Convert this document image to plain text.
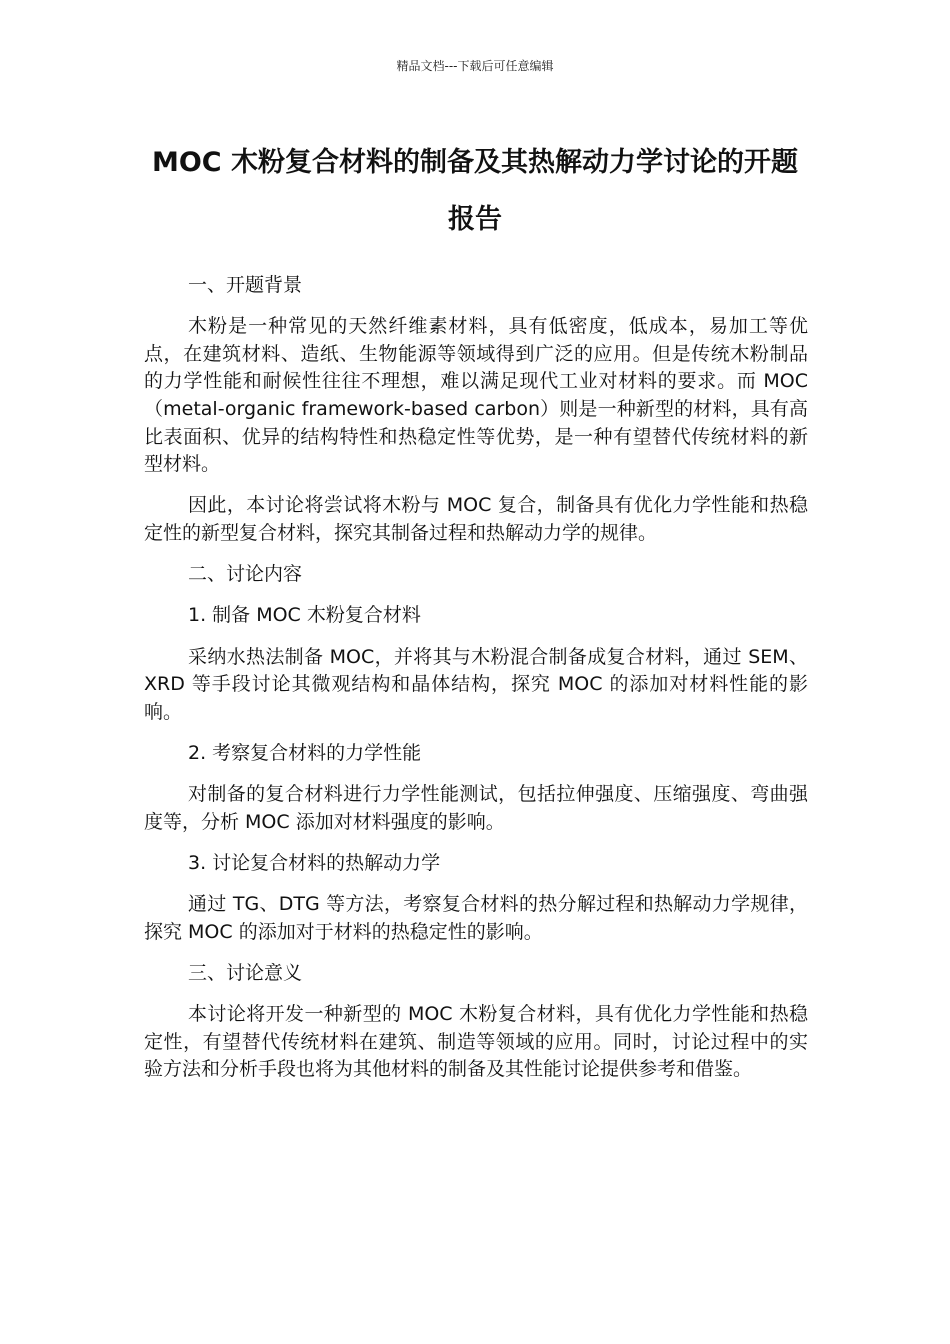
精品文档---下载后可任意编辑
MOC 木粉复合材料的制备及其热解动力学讨论的开题报告
一、开题背景

木粉是一种常见的天然纤维素材料，具有低密度，低成本，易加工等优点，在建筑材料、造纸、生物能源等领域得到广泛的应用。但是传统木粉制品的力学性能和耐候性往往不理想，难以满足现代工业对材料的要求。而 MOC（metal-organic framework-based carbon）则是一种新型的材料，具有高比表面积、优异的结构特性和热稳定性等优势，是一种有望替代传统材料的新型材料。

因此，本讨论将尝试将木粉与 MOC 复合，制备具有优化力学性能和热稳定性的新型复合材料，探究其制备过程和热解动力学的规律。

二、讨论内容
1. 制备 MOC 木粉复合材料

采纳水热法制备 MOC，并将其与木粉混合制备成复合材料，通过 SEM、XRD 等手段讨论其微观结构和晶体结构，探究 MOC 的添加对材料性能的影响。

2. 考察复合材料的力学性能

对制备的复合材料进行力学性能测试，包括拉伸强度、压缩强度、弯曲强度等，分析 MOC 添加对材料强度的影响。

3. 讨论复合材料的热解动力学

通过 TG、DTG 等方法，考察复合材料的热分解过程和热解动力学规律，探究 MOC 的添加对于材料的热稳定性的影响。

三、讨论意义

本讨论将开发一种新型的 MOC 木粉复合材料，具有优化力学性能和热稳定性，有望替代传统材料在建筑、制造等领域的应用。同时，讨论过程中的实验方法和分析手段也将为其他材料的制备及其性能讨论提供参考和借鉴。
